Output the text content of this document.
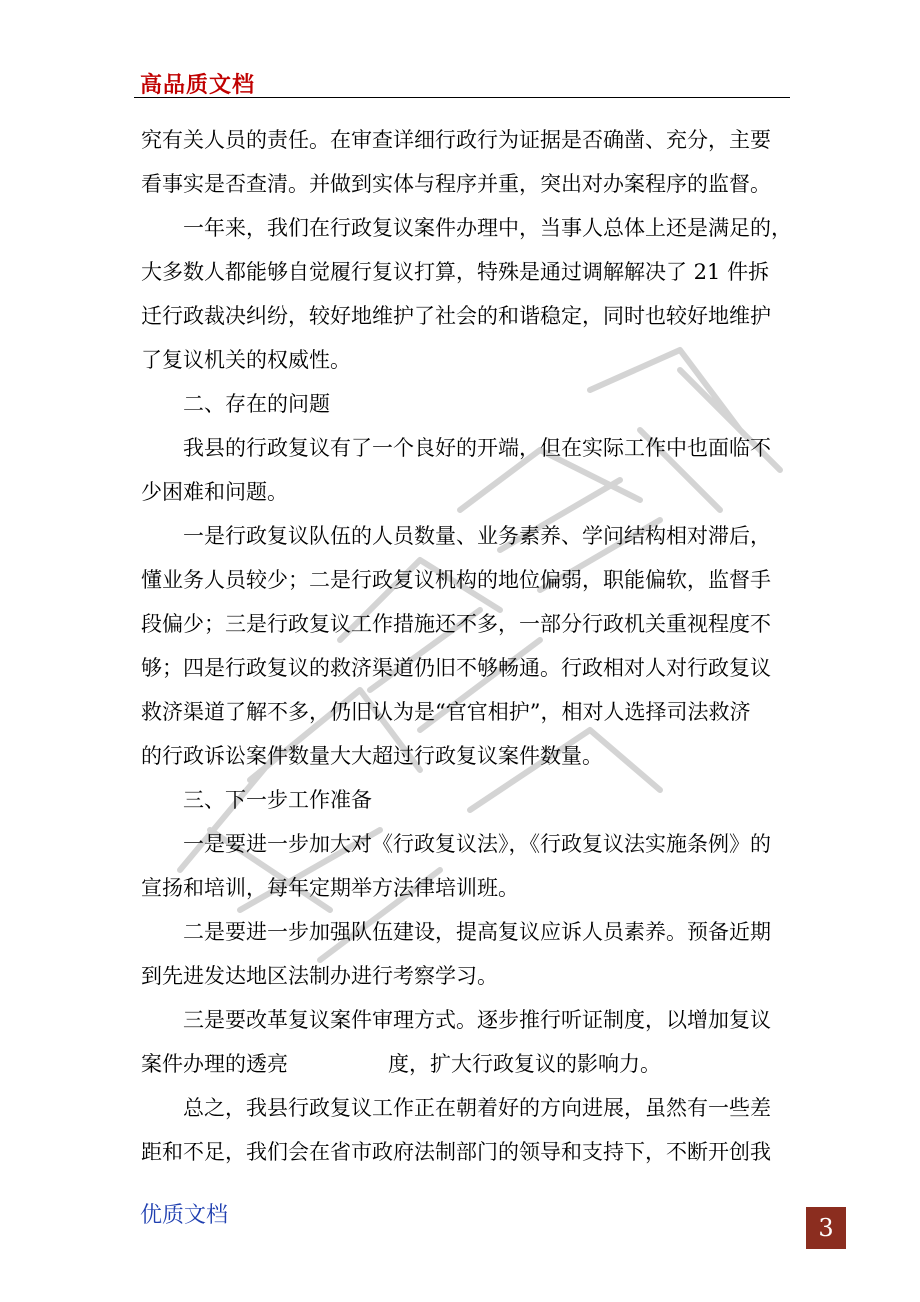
高品质文档
究有关人员的责任。在审查详细行政行为证据是否确凿、充分，主要
看事实是否查清。并做到实体与程序并重，突出对办案程序的监督。
一年来，我们在行政复议案件办理中，当事人总体上还是满足的，
大多数人都能够自觉履行复议打算，特殊是通过调解解决了 21 件拆
迁行政裁决纠纷，较好地维护了社会的和谐稳定，同时也较好地维护
了复议机关的权威性。
二、存在的问题
我县的行政复议有了一个良好的开端，但在实际工作中也面临不
少困难和问题。
一是行政复议队伍的人员数量、业务素养、学问结构相对滞后，
懂业务人员较少；二是行政复议机构的地位偏弱，职能偏软，监督手
段偏少；三是行政复议工作措施还不多，一部分行政机关重视程度不
够；四是行政复议的救济渠道仍旧不够畅通。行政相对人对行政复议
救济渠道了解不多，仍旧认为是“官官相护”，相对人选择司法救济
的行政诉讼案件数量大大超过行政复议案件数量。
三、下一步工作准备
一是要进一步加大对《行政复议法》，《行政复议法实施条例》的
宣扬和培训，每年定期举方法律培训班。
二是要进一步加强队伍建设，提高复议应诉人员素养。预备近期
到先进发达地区法制办进行考察学习。
三是要改革复议案件审理方式。逐步推行听证制度，以增加复议
案件办理的透亮	度，扩大行政复议的影响力。
总之，我县行政复议工作正在朝着好的方向进展，虽然有一些差
距和不足，我们会在省市政府法制部门的领导和支持下，不断开创我
优质文档	3
